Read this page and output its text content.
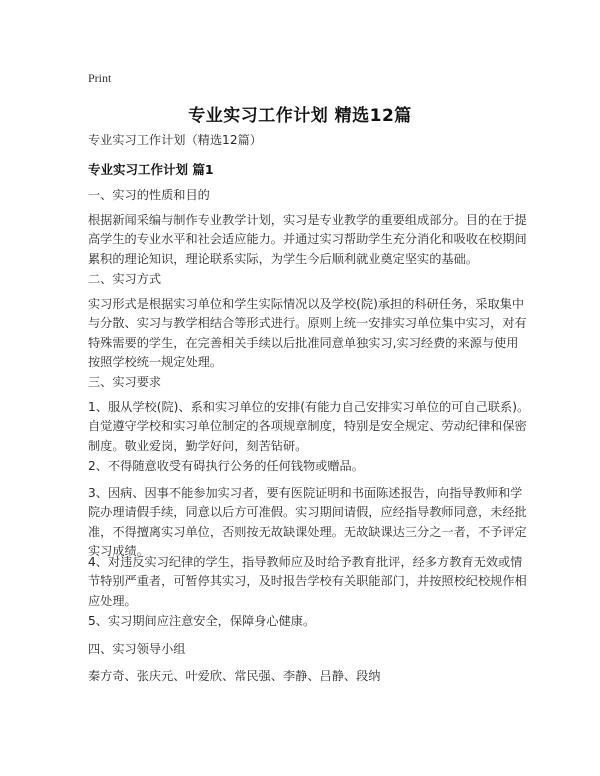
Print
专业实习工作计划 精选12篇
专业实习工作计划（精选12篇）
专业实习工作计划 篇1
一、实习的性质和目的
根据新闻采编与制作专业教学计划，实习是专业教学的重要组成部分。目的在于提
高学生的专业水平和社会适应能力。并通过实习帮助学生充分消化和吸收在校期间
累积的理论知识，理论联系实际，为学生今后顺利就业奠定坚实的基础。
二、实习方式
实习形式是根据实习单位和学生实际情况以及学校(院)承担的科研任务，采取集中
与分散、实习与教学相结合等形式进行。原则上统一安排实习单位集中实习，对有
特殊需要的学生，在完善相关手续以后批准同意单独实习,实习经费的来源与使用
按照学校统一规定处理。
三、实习要求
1、服从学校(院)、系和实习单位的安排(有能力自己安排实习单位的可自己联系)。
自觉遵守学校和实习单位制定的各项规章制度，特别是安全规定、劳动纪律和保密
制度。敬业爱岗，勤学好问，刻苦钻研。
2、不得随意收受有碍执行公务的任何钱物或赠品。
3、因病、因事不能参加实习者，要有医院证明和书面陈述报告，向指导教师和学
院办理请假手续，同意以后方可准假。实习期间请假，应经指导教师同意，未经批
准，不得擅离实习单位，否则按无故缺课处理。无故缺课达三分之一者，不予评定
实习成绩。
4、对违反实习纪律的学生，指导教师应及时给予教育批评，经多方教育无效或情
节特别严重者，可暂停其实习，及时报告学校有关职能部门，并按照校纪校规作相
应处理。
5、实习期间应注意安全，保障身心健康。
四、实习领导小组
秦方奇、张庆元、叶爱欣、常民强、李静、吕静、段纳
